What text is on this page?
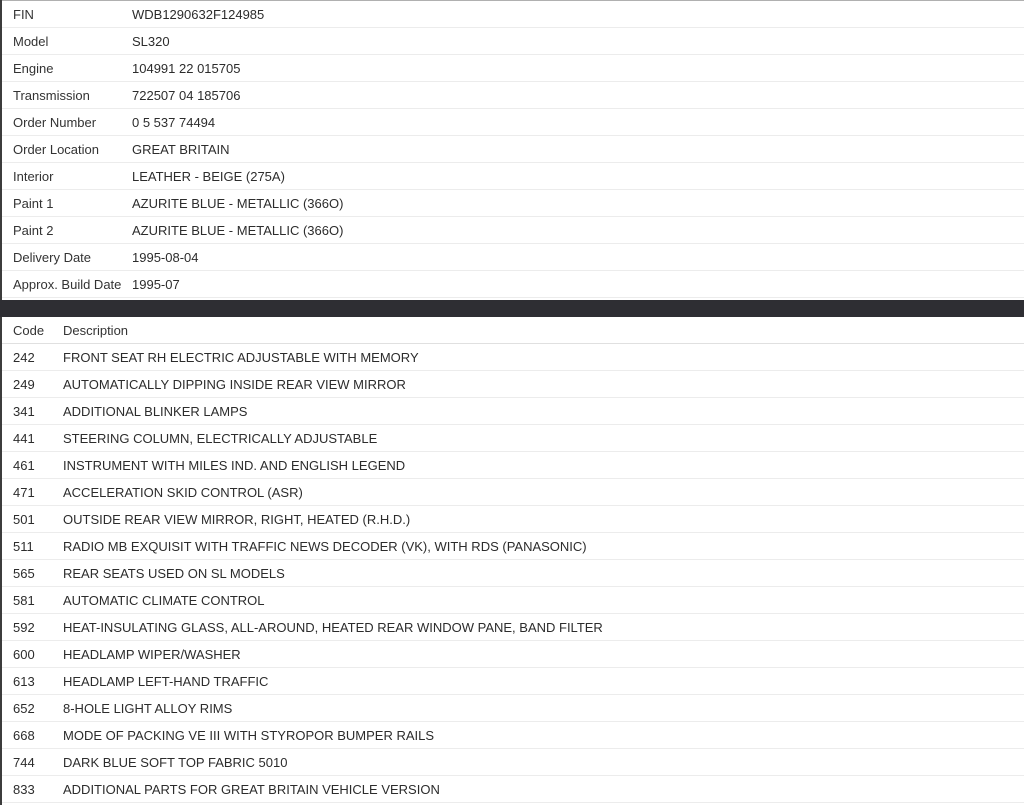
FIN	WDB1290632F124985
Model	SL320
Engine	104991 22 015705
Transmission	722507 04 185706
Order Number	0 5 537 74494
Order Location	GREAT BRITAIN
Interior	LEATHER - BEIGE (275A)
Paint 1	AZURITE BLUE - METALLIC (366O)
Paint 2	AZURITE BLUE - METALLIC (366O)
Delivery Date	1995-08-04
Approx. Build Date 1995-07
Code	Description
242	FRONT SEAT RH ELECTRIC ADJUSTABLE WITH MEMORY
249	AUTOMATICALLY DIPPING INSIDE REAR VIEW MIRROR
341	ADDITIONAL BLINKER LAMPS
441	STEERING COLUMN, ELECTRICALLY ADJUSTABLE
461	INSTRUMENT WITH MILES IND. AND ENGLISH LEGEND
471	ACCELERATION SKID CONTROL (ASR)
501	OUTSIDE REAR VIEW MIRROR, RIGHT, HEATED (R.H.D.)
511	RADIO MB EXQUISIT WITH TRAFFIC NEWS DECODER (VK), WITH RDS (PANASONIC)
565	REAR SEATS USED ON SL MODELS
581	AUTOMATIC CLIMATE CONTROL
592	HEAT-INSULATING GLASS, ALL-AROUND, HEATED REAR WINDOW PANE, BAND FILTER
600	HEADLAMP WIPER/WASHER
613	HEADLAMP LEFT-HAND TRAFFIC
652	8-HOLE LIGHT ALLOY RIMS
668	MODE OF PACKING VE III WITH STYROPOR BUMPER RAILS
744	DARK BLUE SOFT TOP FABRIC 5010
833	ADDITIONAL PARTS FOR GREAT BRITAIN VEHICLE VERSION
